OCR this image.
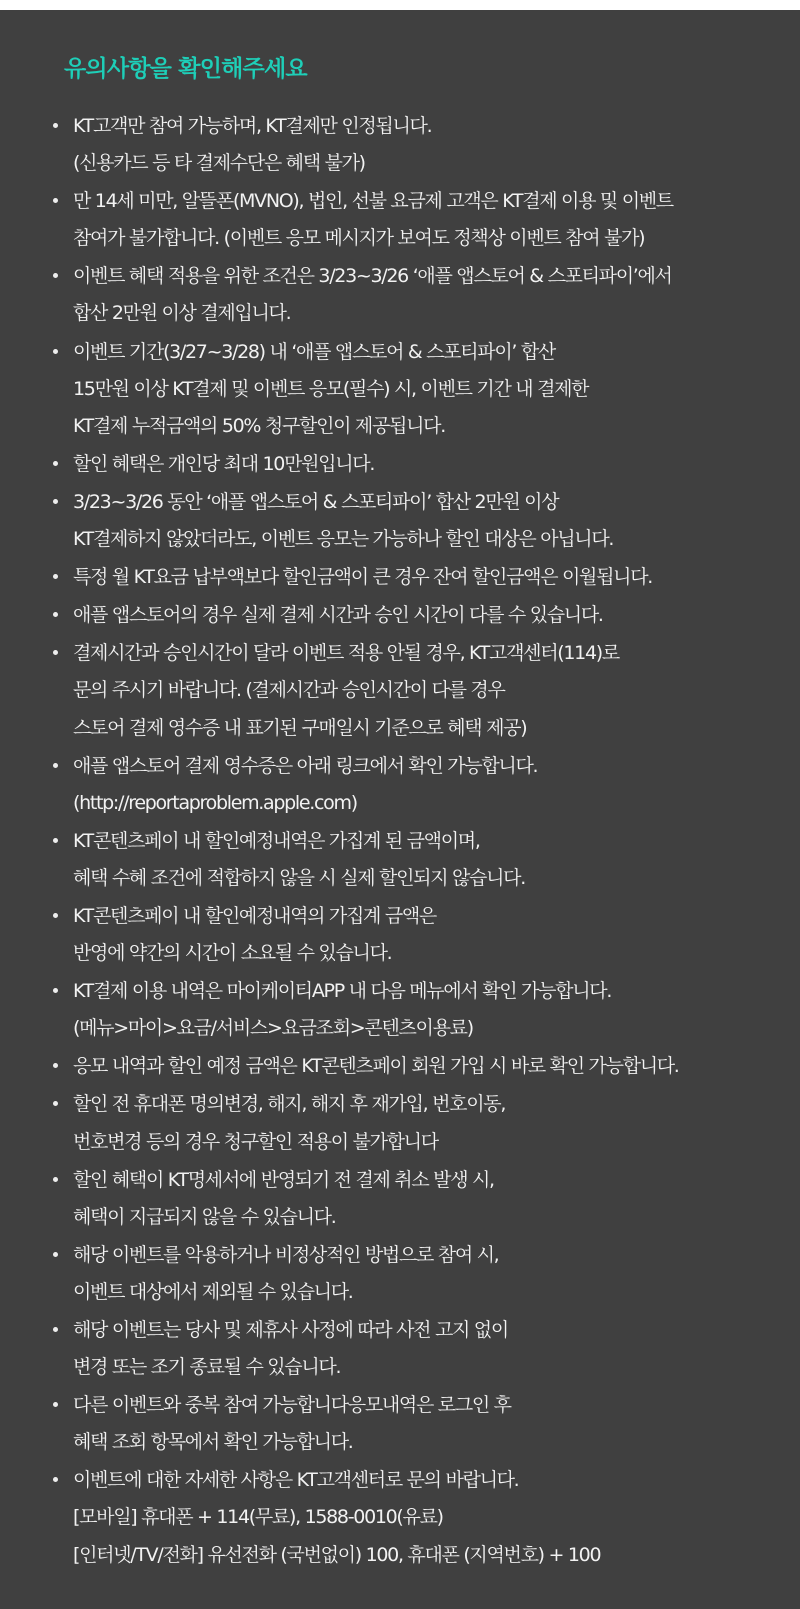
유의사항을 확인해주세요
KT고객만 참여 가능하며, KT결제만 인정됩니다.
(신용카드 등 타 결제수단은 혜택 불가)
만 14세 미만, 알뜰폰(MVNO), 법인, 선불 요금제 고객은 KT결제 이용 및 이벤트
참여가 불가합니다. (이벤트 응모 메시지가 보여도 정책상 이벤트 참여 불가)
이벤트 혜택 적용을 위한 조건은 3/23~3/26 ‘애플 앱스토어 & 스포티파이’에서
합산 2만원 이상 결제입니다.
이벤트 기간(3/27~3/28) 내 ‘애플 앱스토어 & 스포티파이’ 합산
15만원 이상 KT결제 및 이벤트 응모(필수) 시, 이벤트 기간 내 결제한
KT결제 누적금액의 50% 청구할인이 제공됩니다.
할인 혜택은 개인당 최대 10만원입니다.
3/23~3/26 동안 ‘애플 앱스토어 & 스포티파이’ 합산 2만원 이상
KT결제하지 않았더라도, 이벤트 응모는 가능하나 할인 대상은 아닙니다.
특정 월 KT요금 납부액보다 할인금액이 큰 경우 잔여 할인금액은 이월됩니다.
애플 앱스토어의 경우 실제 결제 시간과 승인 시간이 다를 수 있습니다.
결제시간과 승인시간이 달라 이벤트 적용 안될 경우, KT고객센터(114)로
문의 주시기 바랍니다. (결제시간과 승인시간이 다를 경우
스토어 결제 영수증 내 표기된 구매일시 기준으로 혜택 제공)
애플 앱스토어 결제 영수증은 아래 링크에서 확인 가능합니다.
(http://reportaproblem.apple.com)
KT콘텐츠페이 내 할인예정내역은 가집계 된 금액이며,
혜택 수혜 조건에 적합하지 않을 시 실제 할인되지 않습니다.
KT콘텐츠페이 내 할인예정내역의 가집계 금액은
반영에 약간의 시간이 소요될 수 있습니다.
KT결제 이용 내역은 마이케이티APP 내 다음 메뉴에서 확인 가능합니다.
(메뉴>마이>요금/서비스>요금조회>콘텐츠이용료)
응모 내역과 할인 예정 금액은 KT콘텐츠페이 회원 가입 시 바로 확인 가능합니다.
할인 전 휴대폰 명의변경, 해지, 해지 후 재가입, 번호이동,
번호변경 등의 경우 청구할인 적용이 불가합니다
할인 혜택이 KT명세서에 반영되기 전 결제 취소 발생 시,
혜택이 지급되지 않을 수 있습니다.
해당 이벤트를 악용하거나 비정상적인 방법으로 참여 시,
이벤트 대상에서 제외될 수 있습니다.
해당 이벤트는 당사 및 제휴사 사정에 따라 사전 고지 없이
변경 또는 조기 종료될 수 있습니다.
다른 이벤트와 중복 참여 가능합니다응모내역은 로그인 후
혜택 조회 항목에서 확인 가능합니다.
이벤트에 대한 자세한 사항은 KT고객센터로 문의 바랍니다.
[모바일] 휴대폰 + 114(무료), 1588-0010(유료)
[인터넷/TV/전화] 유선전화 (국번없이) 100, 휴대폰 (지역번호) + 100
